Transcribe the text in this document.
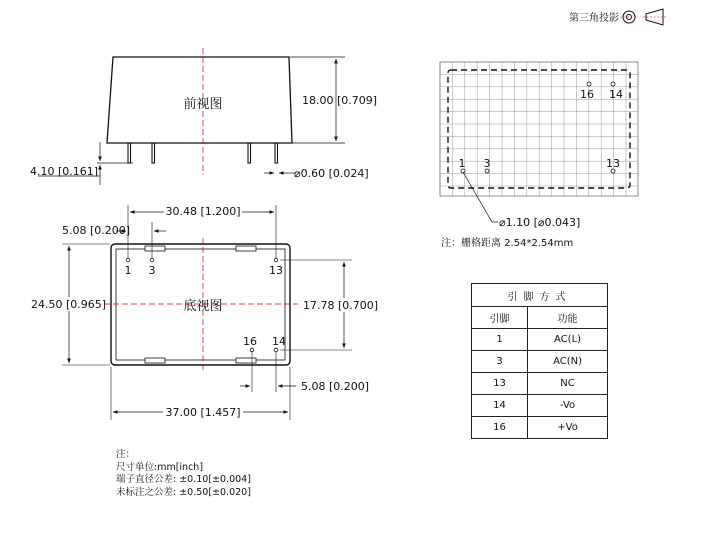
第三角投影
前视图	18.00 [0.709]
4.10 [0.161]	⌀0.60 [0.024]
底视图
1 3	13
16 14
30.48 [1.200]
5.08 [0.200]
24.50 [0.965]	17.78 [0.700]
5.08 [0.200]
37.00 [1.457]
16 14
1 3	13
⌀1.10 [⌀0.043]
注：栅格距离 2.54*2.54mm
引脚方式	
引脚	功能
1	AC(L)
3	AC(N)
13	NC
14	-Vo
16	+Vo
注：
尺寸单位:mm[inch]
端子直径公差: ±0.10[±0.004]
未标注之公差: ±0.50[±0.020]
